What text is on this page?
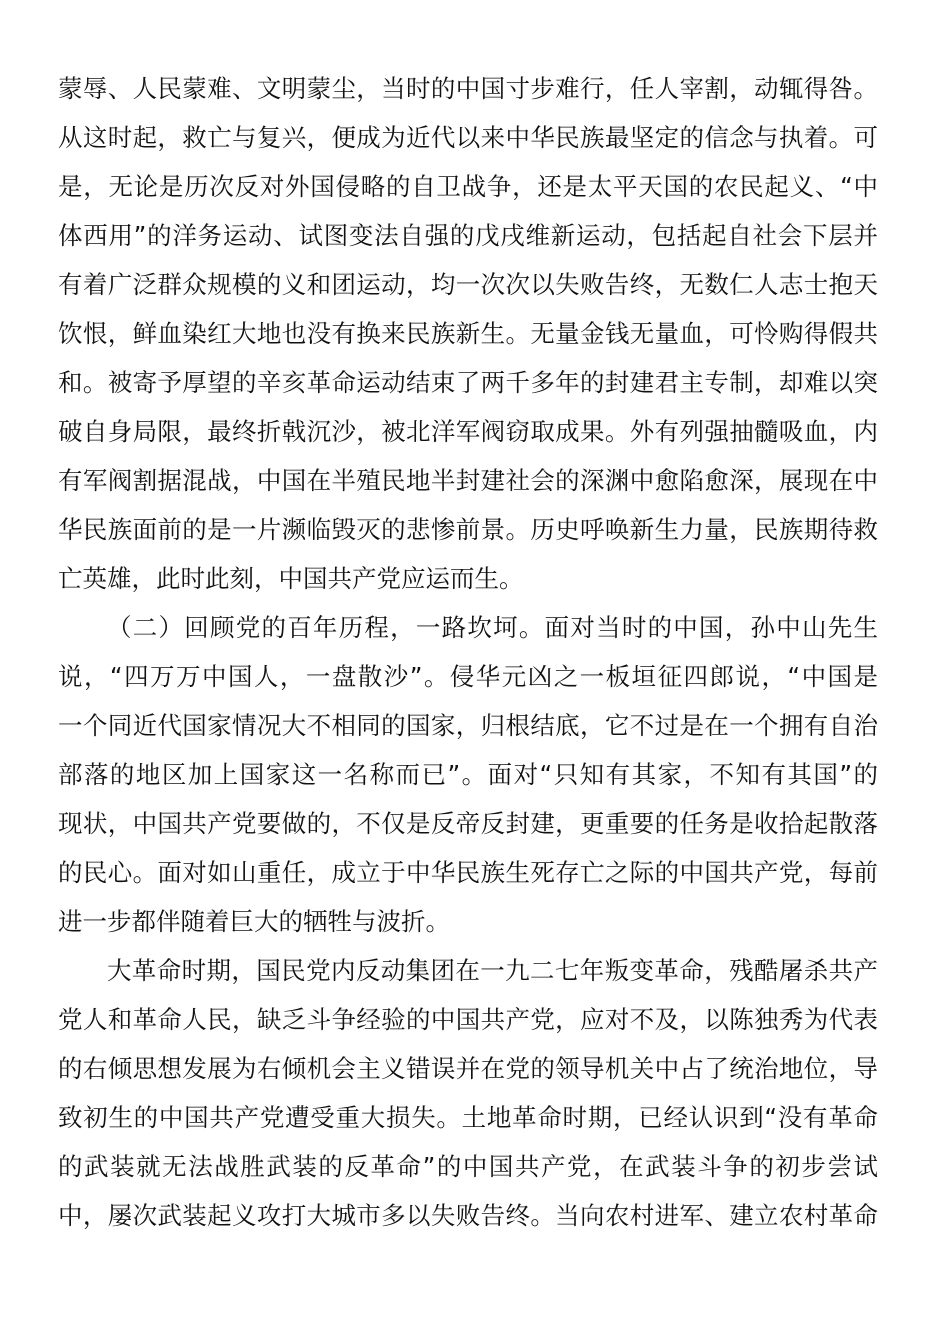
蒙辱、人民蒙难、文明蒙尘，当时的中国寸步难行，任人宰割，动辄得咎。
从这时起，救亡与复兴，便成为近代以来中华民族最坚定的信念与执着。可
是，无论是历次反对外国侵略的自卫战争，还是太平天国的农民起义、“中
体西用”的洋务运动、试图变法自强的戊戌维新运动，包括起自社会下层并
有着广泛群众规模的义和团运动，均一次次以失败告终，无数仁人志士抱天
饮恨，鲜血染红大地也没有换来民族新生。无量金钱无量血，可怜购得假共
和。被寄予厚望的辛亥革命运动结束了两千多年的封建君主专制，却难以突
破自身局限，最终折戟沉沙，被北洋军阀窃取成果。外有列强抽髓吸血，内
有军阀割据混战，中国在半殖民地半封建社会的深渊中愈陷愈深，展现在中
华民族面前的是一片濒临毁灭的悲惨前景。历史呼唤新生力量，民族期待救
亡英雄，此时此刻，中国共产党应运而生。
（二）回顾党的百年历程，一路坎坷。面对当时的中国，孙中山先生
说，“四万万中国人，一盘散沙”。侵华元凶之一板垣征四郎说，“中国是
一个同近代国家情况大不相同的国家，归根结底，它不过是在一个拥有自治
部落的地区加上国家这一名称而已”。面对“只知有其家，不知有其国”的
现状，中国共产党要做的，不仅是反帝反封建，更重要的任务是收拾起散落
的民心。面对如山重任，成立于中华民族生死存亡之际的中国共产党，每前
进一步都伴随着巨大的牺牲与波折。
大革命时期，国民党内反动集团在一九二七年叛变革命，残酷屠杀共产
党人和革命人民，缺乏斗争经验的中国共产党，应对不及，以陈独秀为代表
的右倾思想发展为右倾机会主义错误并在党的领导机关中占了统治地位，导
致初生的中国共产党遭受重大损失。土地革命时期，已经认识到“没有革命
的武装就无法战胜武装的反革命”的中国共产党，在武装斗争的初步尝试
中，屡次武装起义攻打大城市多以失败告终。当向农村进军、建立农村革命
